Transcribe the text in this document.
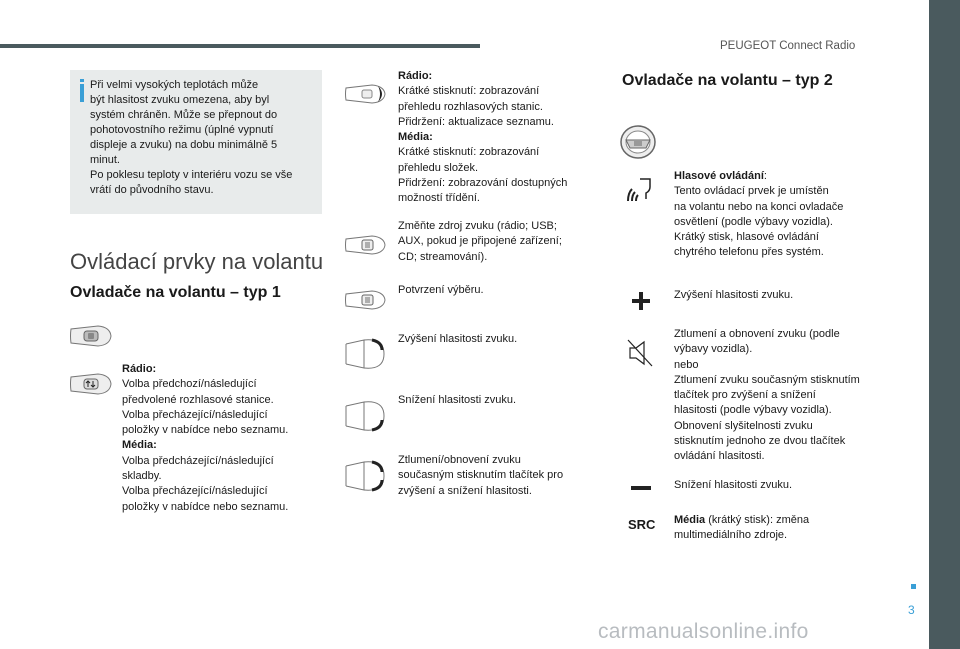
PEUGEOT Connect Radio
3
carmanualsonline.info

Při velmi vysokých teplotách může

být hlasitost zvuku omezena, aby byl

systém chráněn. Může se přepnout do

pohotovostního režimu (úplné vypnutí

displeje a zvuku) na dobu minimálně 5

minut.

Po poklesu teploty v interiéru vozu se vše

vrátí do původního stavu.

Ovládací prvky na volantu
Ovladače na volantu – typ 1
Rádio:
Volba předchozí/následující
předvolené rozhlasové stanice.
Volba přecházející/následující
položky v nabídce nebo seznamu.
Média:
Volba předcházející/následující
skladby.
Volba přecházející/následující
položky v nabídce nebo seznamu.
Rádio:
Krátké stisknutí: zobrazování
přehledu rozhlasových stanic.
Přidržení: aktualizace seznamu.
Média:
Krátké stisknutí: zobrazování
přehledu složek.
Přidržení: zobrazování dostupných
možností třídění.
Změňte zdroj zvuku (rádio; USB;
AUX, pokud je připojené zařízení;
CD; streamování).
Potvrzení výběru.
Zvýšení hlasitosti zvuku.
Snížení hlasitosti zvuku.
Ztlumení/obnovení zvuku
současným stisknutím tlačítek pro
zvýšení a snížení hlasitosti.
Ovladače na volantu – typ 2
SRC
Hlasové ovládání:
Tento ovládací prvek je umístěn
na volantu nebo na konci ovladače
osvětlení (podle výbavy vozidla).
Krátký stisk, hlasové ovládání
chytrého telefonu přes systém.
Zvýšení hlasitosti zvuku.
Ztlumení a obnovení zvuku (podle
výbavy vozidla).
nebo
Ztlumení zvuku současným stisknutím
tlačítek pro zvýšení a snížení
hlasitosti (podle výbavy vozidla).
Obnovení slyšitelnosti zvuku
stisknutím jednoho ze dvou tlačítek
ovládání hlasitosti.
Snížení hlasitosti zvuku.
Média (krátký stisk): změna
multimediálního zdroje.
